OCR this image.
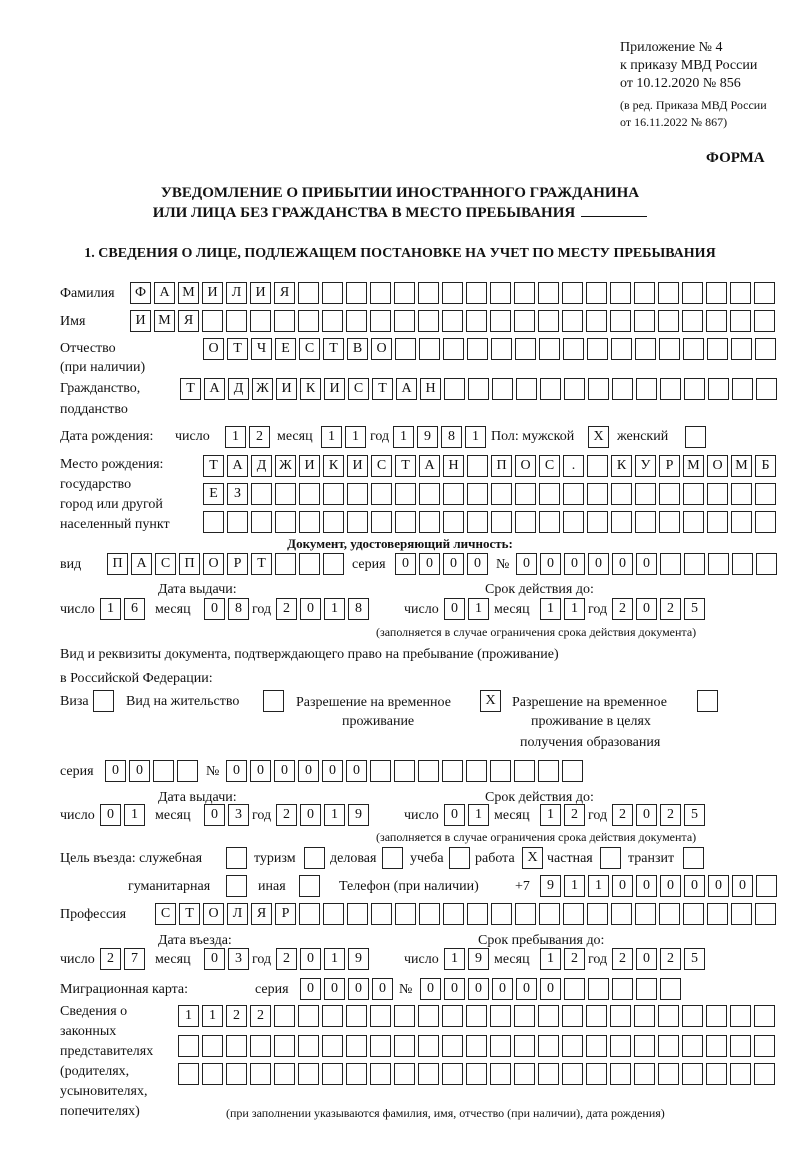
Приложение № 4
к приказу МВД России
от 10.12.2020 № 856
(в ред. Приказа МВД России
от 16.11.2022 № 867)
ФОРМА
УВЕДОМЛЕНИЕ О ПРИБЫТИИ ИНОСТРАННОГО ГРАЖДАНИНА
ИЛИ ЛИЦА БЕЗ ГРАЖДАНСТВА В МЕСТО ПРЕБЫВАНИЯ
1. СВЕДЕНИЯ О ЛИЦЕ, ПОДЛЕЖАЩЕМ ПОСТАНОВКЕ НА УЧЕТ ПО МЕСТУ ПРЕБЫВАНИЯ
Фамилия	Ф А М И	Л	И	Я
Имя	И М Я
Отчество
(при наличии)
О	Т	Ч	Е	С	Т	В	О
Гражданство,
подданство
Т	А	Д Ж И	К	И	С	Т	А Н
Дата рождения: число	1	2	месяц	1	1 год 1	9	8	1 Пол: мужской	X женский
Место рождения:
государство
город или другой
населенный пункт
Т	А	Д Ж И	К	И	С	Т	А Н	П О	С	.	К	У	Р М О М Б
Е	З
Документ, удостоверяющий личность:
вид	П А	С	П О	Р	Т	серия	0	0	0	0	№ 0	0	0	0	0	0
Дата выдачи:	Срок действия до:
число 1	6	месяц	0	8 год 2	0	1	8	число 0	1 месяц	1	1 год 2	0	2	5
(заполняется в случае ограничения срока действия документа)
Вид и реквизиты документа, подтверждающего право на пребывание (проживание)
в Российской Федерации:
Виза	Вид на жительство	Разрешение на временное
проживание
X	Разрешение на временное
проживание в целях
получения образования
серия	0	0	№ 0	0	0	0	0	0
Дата выдачи:	Срок действия до:
число 0	1	месяц	0	3 год 2	0	1	9	число 0	1 месяц	1	2 год 2	0	2	5
(заполняется в случае ограничения срока действия документа)
Цель въезда: служебная	туризм деловая учеба работа X частная	транзит
гуманитарная	иная	Телефон (при наличии)	+7	9	1	1	0	0	0	0	0	0
Профессия	С	Т	О	Л	Я	Р
Дата въезда:	Срок пребывания до:
число 2	7	месяц	0	3 год 2	0	1	9	число 1	9 месяц	1	2 год 2	0	2	5
Миграционная карта:	серия	0	0	0	0 №	0	0	0	0	0	0
Сведения о
законных
представителях
(родителях,
усыновителях,
попечителях)
1	1	2	2
(при заполнении указываются фамилия, имя, отчество (при наличии), дата рождения)
